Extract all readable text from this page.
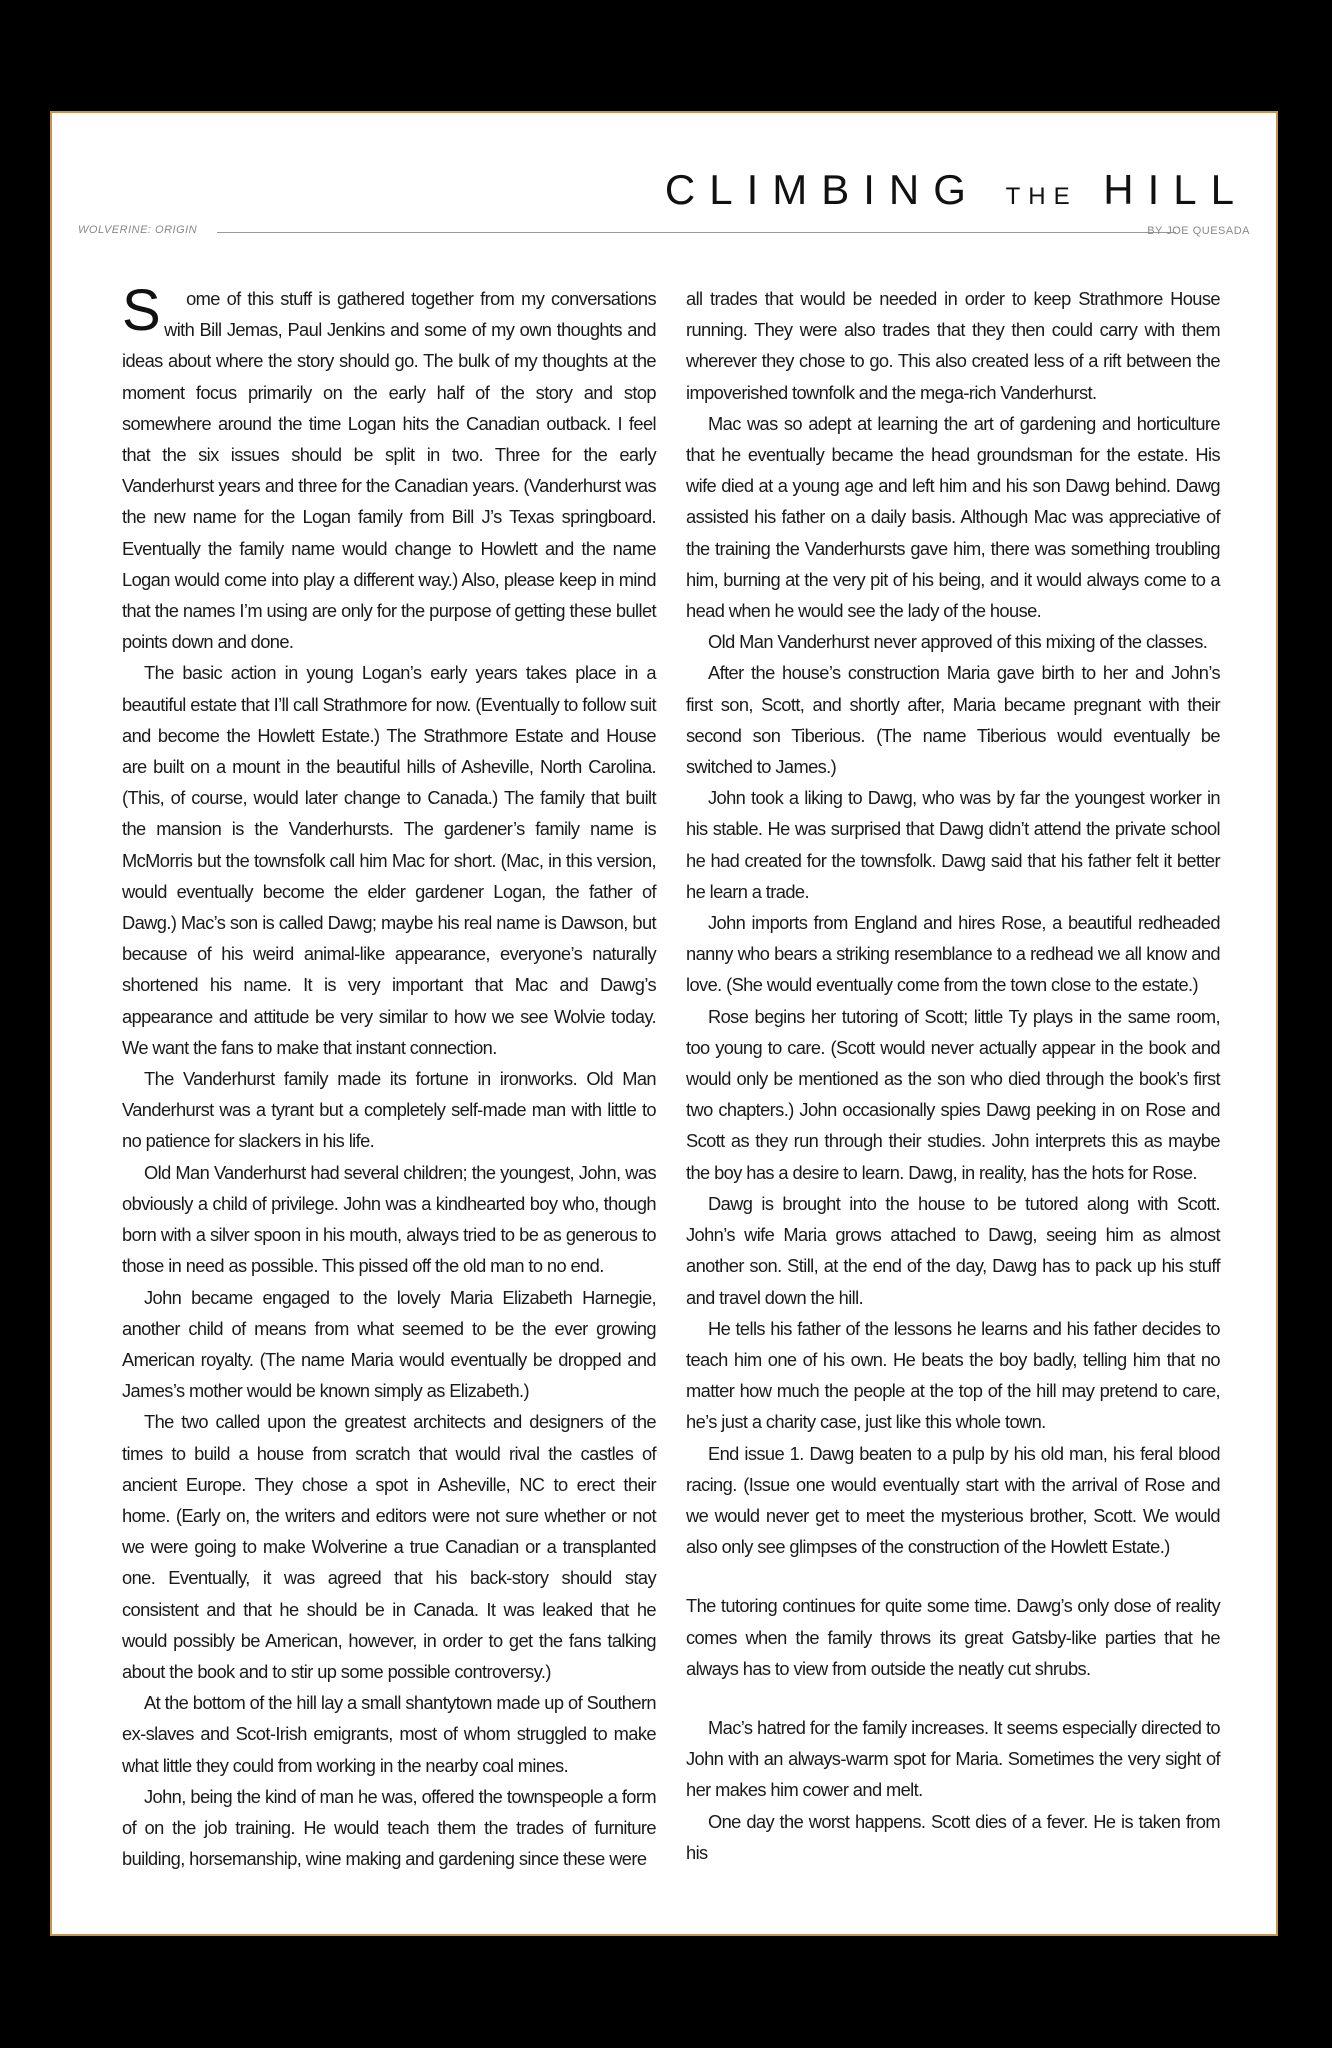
CLIMBING THE HILL
WOLVERINE: ORIGIN	BY JOE QUESADA

S ome of this stuff is gathered together from my conversations with Bill Jemas, Paul Jenkins and some of my own thoughts and ideas about where the story should go. The bulk of my thoughts at the moment focus primarily on the early half of the story and stop somewhere around the time Logan hits the Canadian outback. I feel that the six issues should be split in two. Three for the early Vanderhurst years and three for the Canadian years. (Vanderhurst was the new name for the Logan family from Bill J’s Texas springboard. Eventually the family name would change to Howlett and the name Logan would come into play a different way.) Also, please keep in mind that the names I’m using are only for the purpose of getting these bullet points down and done.

The basic action in young Logan’s early years takes place in a beautiful estate that I’ll call Strathmore for now. (Eventually to follow suit and become the Howlett Estate.) The Strathmore Estate and House are built on a mount in the beautiful hills of Asheville, North Carolina. (This, of course, would later change to Canada.) The family that built the mansion is the Vanderhursts. The gardener’s family name is McMorris but the townsfolk call him Mac for short. (Mac, in this version, would eventually become the elder gardener Logan, the father of Dawg.) Mac’s son is called Dawg; maybe his real name is Dawson, but because of his weird animal-like appearance, everyone’s naturally shortened his name. It is very important that Mac and Dawg’s appearance and attitude be very similar to how we see Wolvie today. We want the fans to make that instant connection.

The Vanderhurst family made its fortune in ironworks. Old Man Vanderhurst was a tyrant but a completely self-made man with little to no patience for slackers in his life.

Old Man Vanderhurst had several children; the youngest, John, was obviously a child of privilege. John was a kindhearted boy who, though born with a silver spoon in his mouth, always tried to be as generous to those in need as possible. This pissed off the old man to no end.

John became engaged to the lovely Maria Elizabeth Harnegie, another child of means from what seemed to be the ever growing American royalty. (The name Maria would eventually be dropped and James’s mother would be known simply as Elizabeth.)

The two called upon the greatest architects and designers of the times to build a house from scratch that would rival the castles of ancient Europe. They chose a spot in Asheville, NC to erect their home. (Early on, the writers and editors were not sure whether or not we were going to make Wolverine a true Canadian or a transplanted one. Eventually, it was agreed that his back-story should stay consistent and that he should be in Canada. It was leaked that he would possibly be American, however, in order to get the fans talking about the book and to stir up some possible controversy.)

At the bottom of the hill lay a small shantytown made up of Southern ex-slaves and Scot-Irish emigrants, most of whom struggled to make what little they could from working in the nearby coal mines.

John, being the kind of man he was, offered the townspeople a form of on the job training. He would teach them the trades of furniture building, horsemanship, wine making and gardening since these were

all trades that would be needed in order to keep Strathmore House running. They were also trades that they then could carry with them wherever they chose to go. This also created less of a rift between the impoverished townfolk and the mega-rich Vanderhurst.

Mac was so adept at learning the art of gardening and horticulture that he eventually became the head groundsman for the estate. His wife died at a young age and left him and his son Dawg behind. Dawg assisted his father on a daily basis. Although Mac was appreciative of the training the Vanderhursts gave him, there was something troubling him, burning at the very pit of his being, and it would always come to a head when he would see the lady of the house.

Old Man Vanderhurst never approved of this mixing of the classes.

After the house’s construction Maria gave birth to her and John’s first son, Scott, and shortly after, Maria became pregnant with their second son Tiberious. (The name Tiberious would eventually be switched to James.)

John took a liking to Dawg, who was by far the youngest worker in his stable. He was surprised that Dawg didn’t attend the private school he had created for the townsfolk. Dawg said that his father felt it better he learn a trade.

John imports from England and hires Rose, a beautiful redheaded nanny who bears a striking resemblance to a redhead we all know and love. (She would eventually come from the town close to the estate.)

Rose begins her tutoring of Scott; little Ty plays in the same room, too young to care. (Scott would never actually appear in the book and would only be mentioned as the son who died through the book’s first two chapters.) John occasionally spies Dawg peeking in on Rose and Scott as they run through their studies. John interprets this as maybe the boy has a desire to learn. Dawg, in reality, has the hots for Rose.

Dawg is brought into the house to be tutored along with Scott. John’s wife Maria grows attached to Dawg, seeing him as almost another son. Still, at the end of the day, Dawg has to pack up his stuff and travel down the hill.

He tells his father of the lessons he learns and his father decides to teach him one of his own. He beats the boy badly, telling him that no matter how much the people at the top of the hill may pretend to care, he’s just a charity case, just like this whole town.

End issue 1. Dawg beaten to a pulp by his old man, his feral blood racing. (Issue one would eventually start with the arrival of Rose and we would never get to meet the mysterious brother, Scott. We would also only see glimpses of the construction of the Howlett Estate.)

The tutoring continues for quite some time. Dawg’s only dose of reality comes when the family throws its great Gatsby-like parties that he always has to view from outside the neatly cut shrubs.

Mac’s hatred for the family increases. It seems especially directed to John with an always-warm spot for Maria. Sometimes the very sight of her makes him cower and melt.

One day the worst happens. Scott dies of a fever. He is taken from his
